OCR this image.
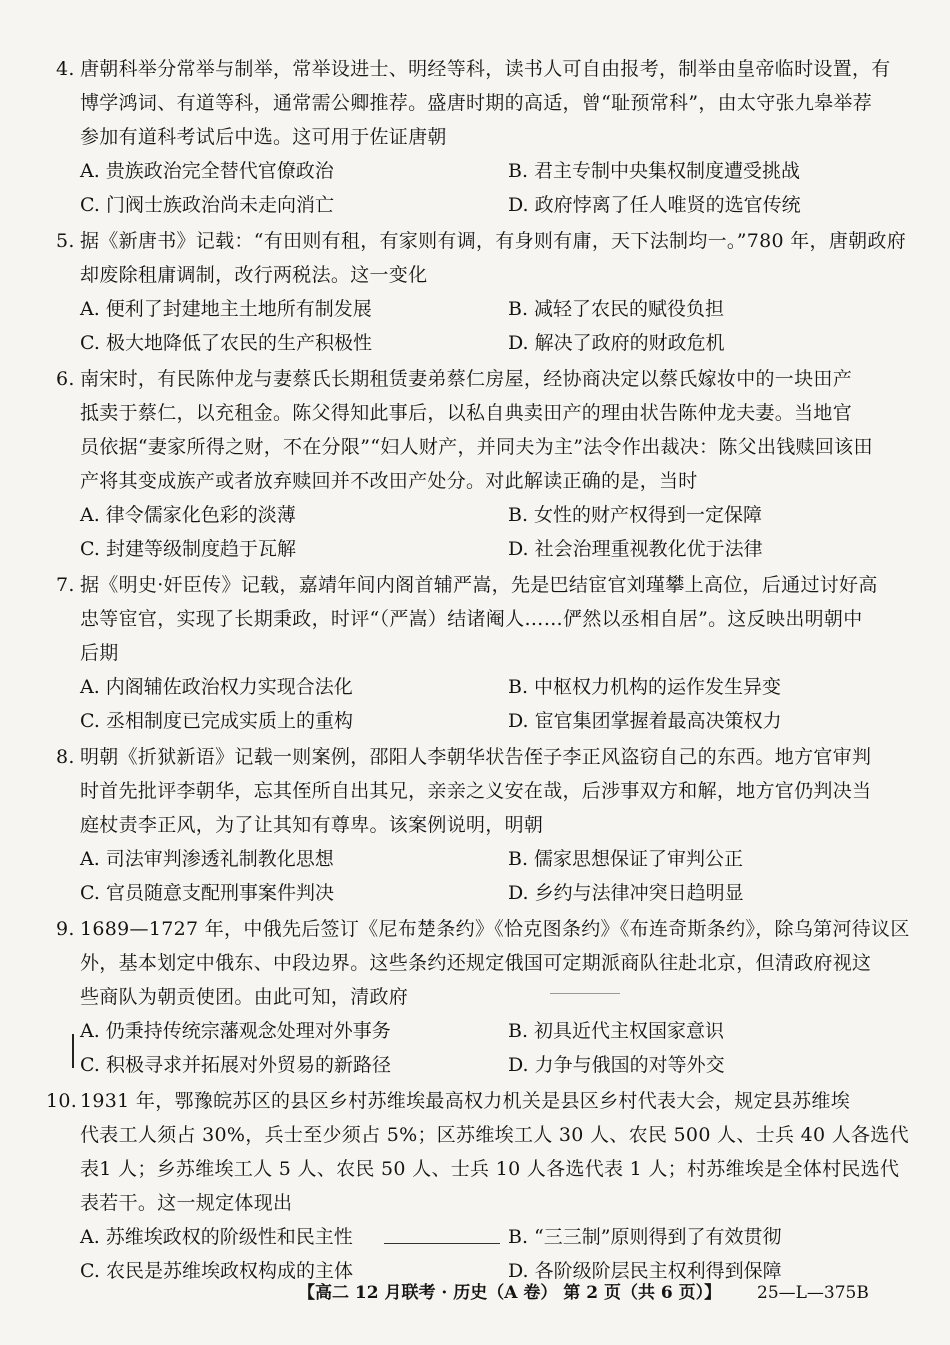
4. 唐朝科举分常举与制举，常举设进士、明经等科，读书人可自由报考，制举由皇帝临时设置，有
博学鸿词、有道等科，通常需公卿推荐。盛唐时期的高适，曾“耻预常科”，由太守张九皋举荐
参加有道科考试后中选。这可用于佐证唐朝
A. 贵族政治完全替代官僚政治	B. 君主专制中央集权制度遭受挑战
C. 门阀士族政治尚未走向消亡	D. 政府悖离了任人唯贤的选官传统
5. 据《新唐书》记载：“有田则有租，有家则有调，有身则有庸，天下法制均一。”780 年，唐朝政府
却废除租庸调制，改行两税法。这一变化
A. 便利了封建地主土地所有制发展	B. 减轻了农民的赋役负担
C. 极大地降低了农民的生产积极性	D. 解决了政府的财政危机
6. 南宋时，有民陈仲龙与妻蔡氏长期租赁妻弟蔡仁房屋，经协商决定以蔡氏嫁妆中的一块田产
抵卖于蔡仁，以充租金。陈父得知此事后，以私自典卖田产的理由状告陈仲龙夫妻。当地官
员依据“妻家所得之财，不在分限”“妇人财产，并同夫为主”法令作出裁决：陈父出钱赎回该田
产将其变成族产或者放弃赎回并不改田产处分。对此解读正确的是，当时
A. 律令儒家化色彩的淡薄	B. 女性的财产权得到一定保障
C. 封建等级制度趋于瓦解	D. 社会治理重视教化优于法律
7. 据《明史·奸臣传》记载，嘉靖年间内阁首辅严嵩，先是巴结宦官刘瑾攀上高位，后通过讨好高
忠等宦官，实现了长期秉政，时评“（严嵩）结诸阉人……俨然以丞相自居”。这反映出明朝中
后期
A. 内阁辅佐政治权力实现合法化	B. 中枢权力机构的运作发生异变
C. 丞相制度已完成实质上的重构	D. 宦官集团掌握着最高决策权力
8. 明朝《折狱新语》记载一则案例，邵阳人李朝华状告侄子李正风盗窃自己的东西。地方官审判
时首先批评李朝华，忘其侄所自出其兄，亲亲之义安在哉，后涉事双方和解，地方官仍判决当
庭杖责李正风，为了让其知有尊卑。该案例说明，明朝
A. 司法审判渗透礼制教化思想	B. 儒家思想保证了审判公正
C. 官员随意支配刑事案件判决	D. 乡约与法律冲突日趋明显
9. 1689—1727 年，中俄先后签订《尼布楚条约》《恰克图条约》《布连奇斯条约》，除乌第河待议区
外，基本划定中俄东、中段边界。这些条约还规定俄国可定期派商队往赴北京，但清政府视这
些商队为朝贡使团。由此可知，清政府
A. 仍秉持传统宗藩观念处理对外事务	B. 初具近代主权国家意识
C. 积极寻求并拓展对外贸易的新路径	D. 力争与俄国的对等外交
10. 1931 年，鄂豫皖苏区的县区乡村苏维埃最高权力机关是县区乡村代表大会，规定县苏维埃
代表工人须占 30%，兵士至少须占 5%；区苏维埃工人 30 人、农民 500 人、士兵 40 人各选代
表1 人；乡苏维埃工人 5 人、农民 50 人、士兵 10 人各选代表 1 人；村苏维埃是全体村民选代
表若干。这一规定体现出
A. 苏维埃政权的阶级性和民主性	B. “三三制”原则得到了有效贯彻
C. 农民是苏维埃政权构成的主体	D. 各阶级阶层民主权利得到保障
【高二 12 月联考 · 历史（A 卷） 第 2 页（共 6 页）】 25—L—375B
